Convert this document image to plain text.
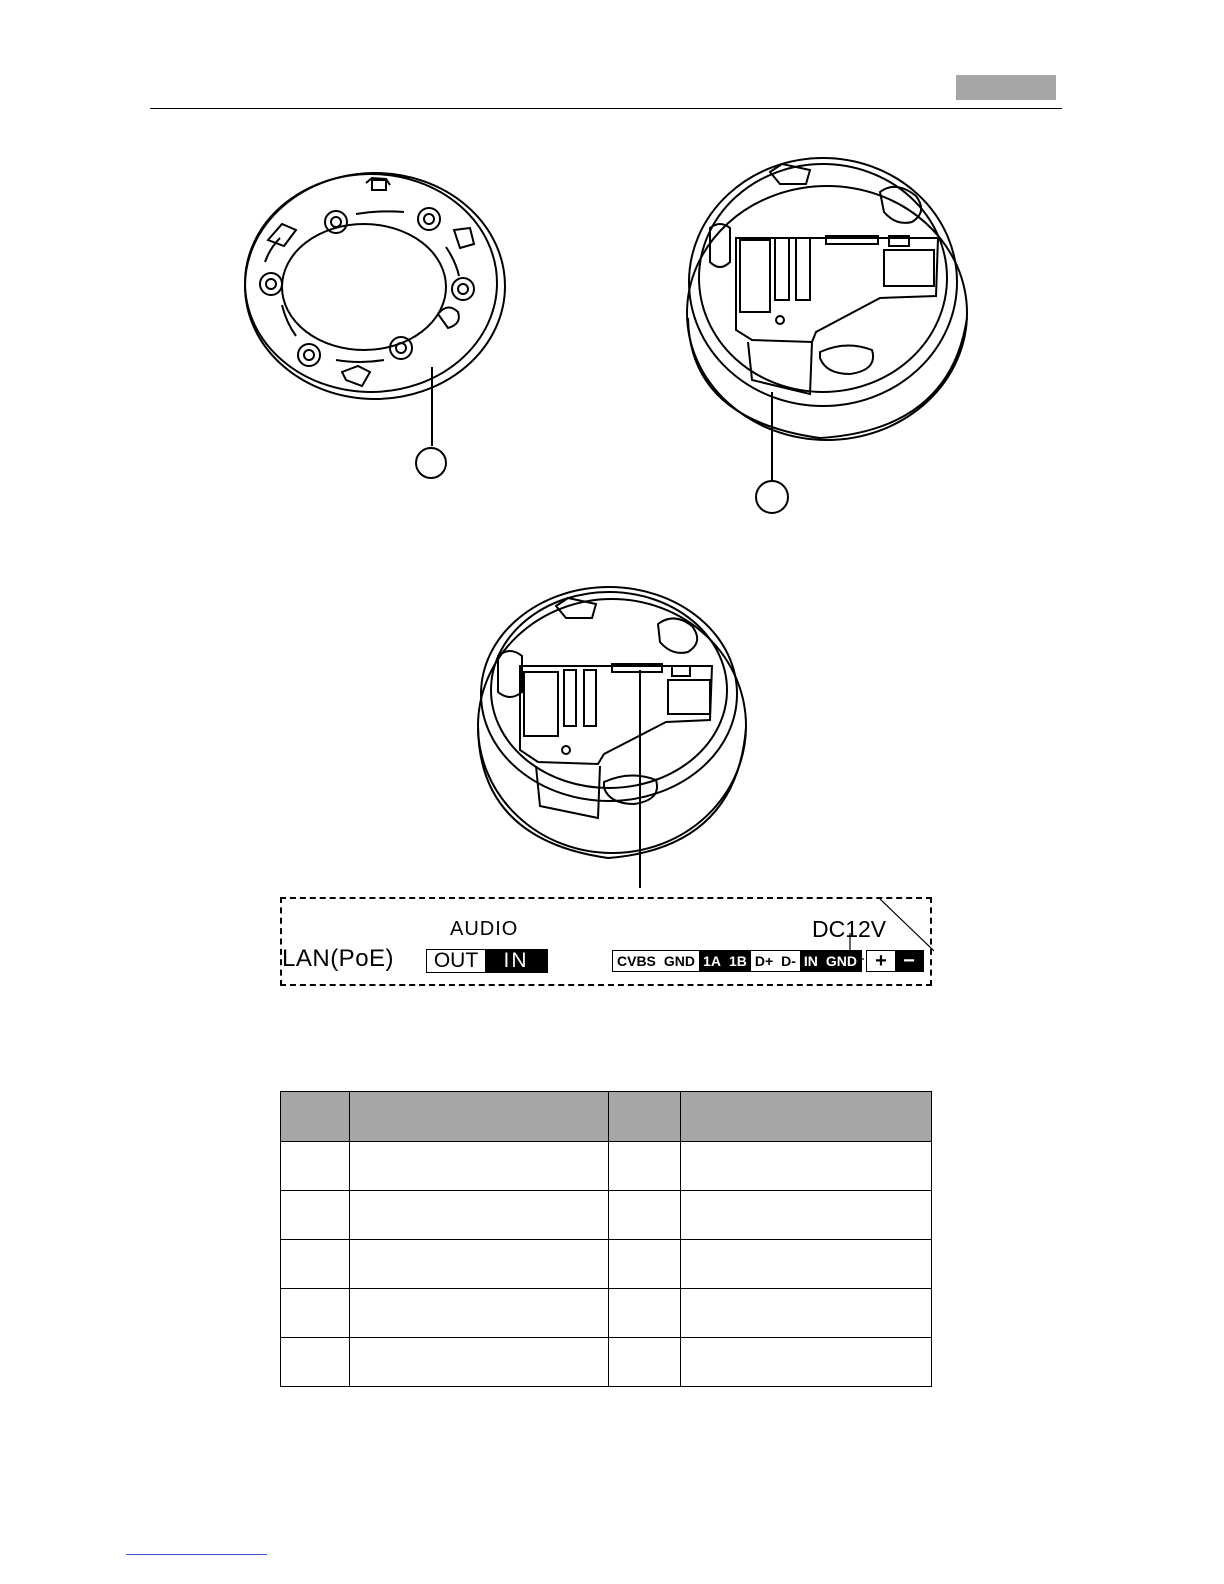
LAN(PoE)
AUDIO
OUT	IN	CVBS GND 1A 1B D+ D- IN GND
DC12V
+ −
